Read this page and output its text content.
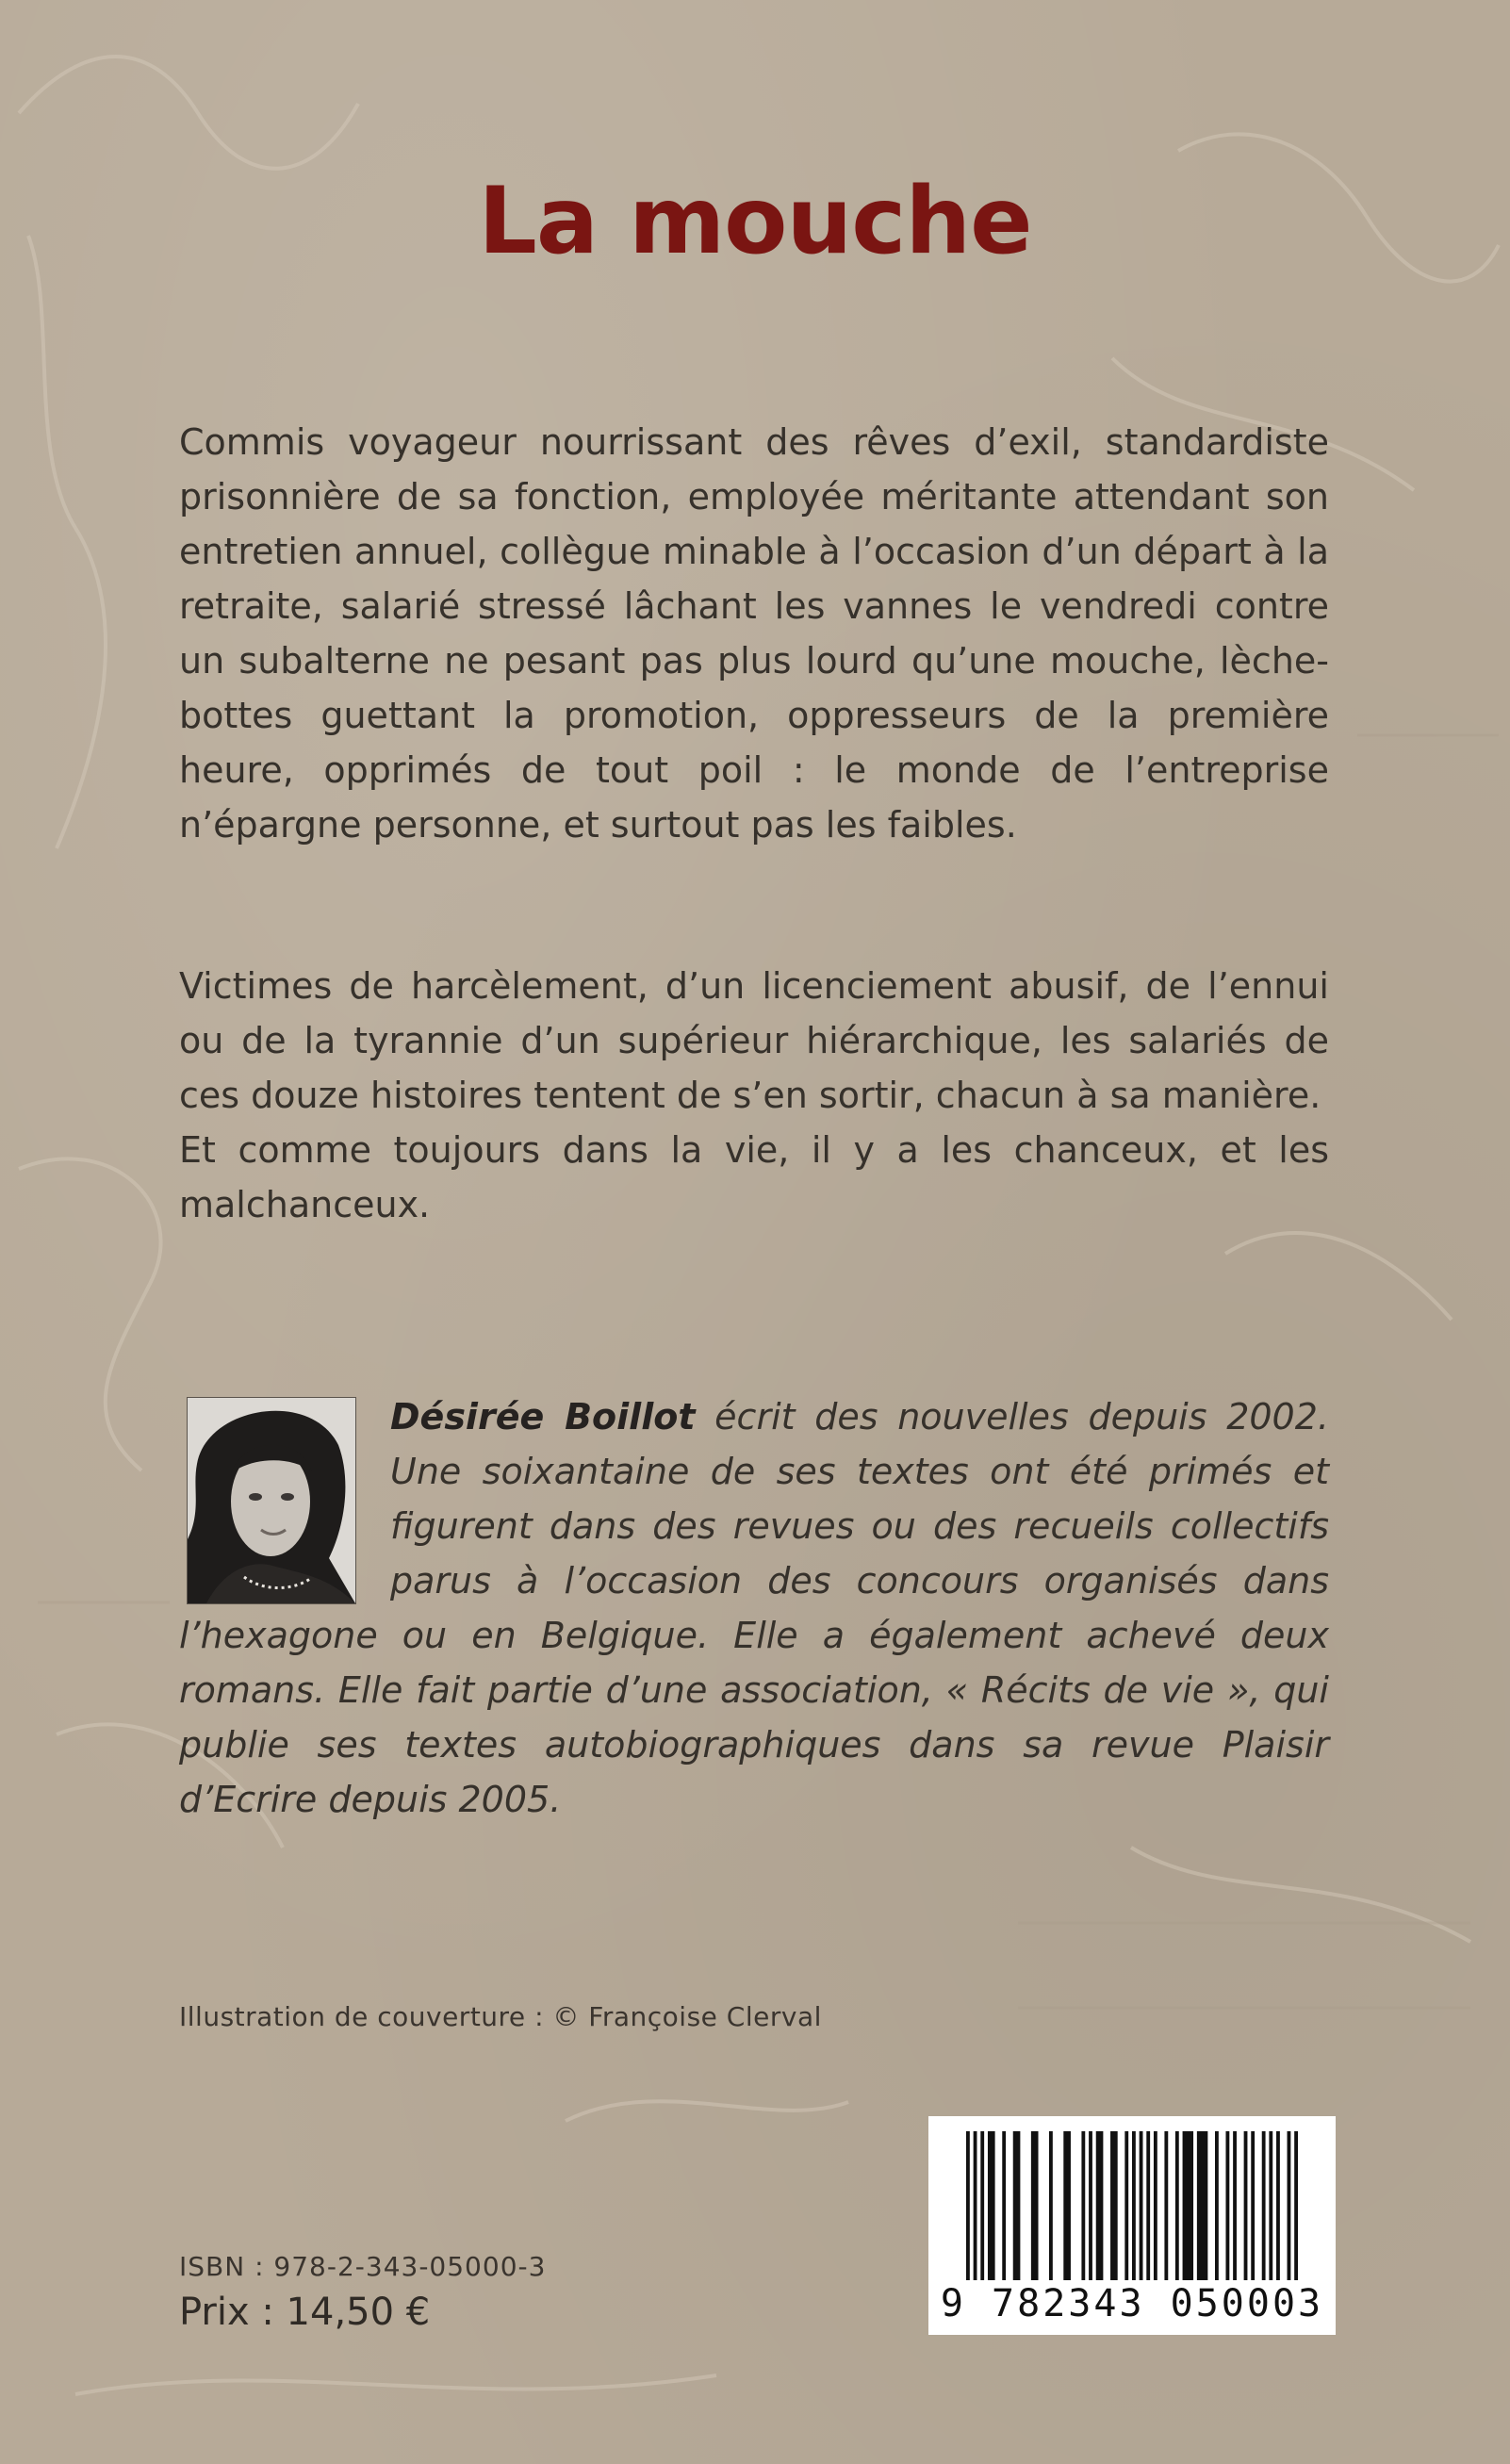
La mouche

Commis voyageur nourrissant des rêves d’exil, standardiste prisonnière de sa fonction, employée méritante attendant son entretien annuel, collègue minable à l’occasion d’un départ à la retraite, salarié stressé lâchant les vannes le vendredi contre un subalterne ne pesant pas plus lourd qu’une mouche, lèche-bottes guettant la promotion, oppresseurs de la première heure, opprimés de tout poil : le monde de l’entreprise n’épargne personne, et surtout pas les faibles.

Victimes de harcèlement, d’un licenciement abusif, de l’ennui ou de la tyrannie d’un supérieur hiérarchique, les salariés de ces douze histoires tentent de s’en sortir, chacun à sa manière.

Et comme toujours dans la vie, il y a les chanceux, et les malchanceux.

Désirée Boillot écrit des nouvelles depuis 2002. Une soixantaine de ses textes ont été primés et figurent dans des revues ou des recueils collectifs parus à l’occasion des concours organisés dans l’hexagone ou en Belgique. Elle a également achevé deux romans. Elle fait partie d’une association, « Récits de vie », qui publie ses textes autobiographiques dans sa revue Plaisir d’Ecrire depuis 2005.
Illustration de couverture : © Françoise Clerval
ISBN : 978-2-343-05000-3
Prix : 14,50 €	9 782343 050003
